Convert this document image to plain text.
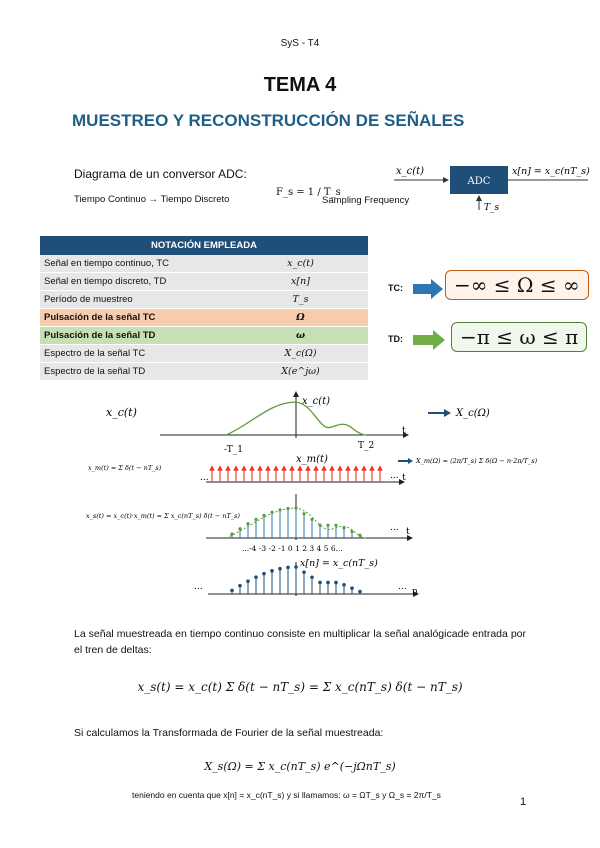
SyS - T4
TEMA 4
MUESTREO Y RECONSTRUCCIÓN DE SEÑALES
Diagrama de un conversor ADC:
Tiempo Continuo → Tiempo Discreto
F_s = 1 / T_s
Sampling Frequency
x_c(t)
ADC
x[n] = x_c(nT_s)
T_s
NOTACIÓN EMPLEADA	
Señal en tiempo continuo, TC	x_c(t)
Señal en tiempo discreto, TD	x[n]
Período de muestreo	T_s
Pulsación de la señal TC	Ω
Pulsación de la señal TD	ω
Espectro de la señal TC	X_c(Ω)
Espectro de la señal TD	X(e^jω)
TC:	−∞ ≤ Ω ≤ ∞
TD:	−π ≤ ω ≤ π
x_c(t)
x_c(t)
-T_1	T_2
t
X_c(Ω)
x_m(t) = Σ δ(t − nT_s)
x_m(t)
...	... t
X_m(Ω) = (2π/T_s) Σ δ(Ω − n·2π/T_s)
x_s(t) = x_c(t)·x_m(t) = Σ x_c(nT_s) δ(t − nT_s)
... t
...-4 -3 -2 -1 0 1 2 3 4 5 6...
x[n] = x_c(nT_s)
...	... n
La señal muestreada en tiempo continuo consiste en multiplicar la señal analógicade entrada por el tren de deltas:
x_s(t) = x_c(t) Σ δ(t − nT_s) = Σ x_c(nT_s) δ(t − nT_s)
Si calculamos la Transformada de Fourier de la señal muestreada:
X_s(Ω) = Σ x_c(nT_s) e^(−jΩnT_s)
teniendo en cuenta que x[n] = x_c(nT_s) y si llamamos: ω = ΩT_s y Ω_s = 2π/T_s
1
